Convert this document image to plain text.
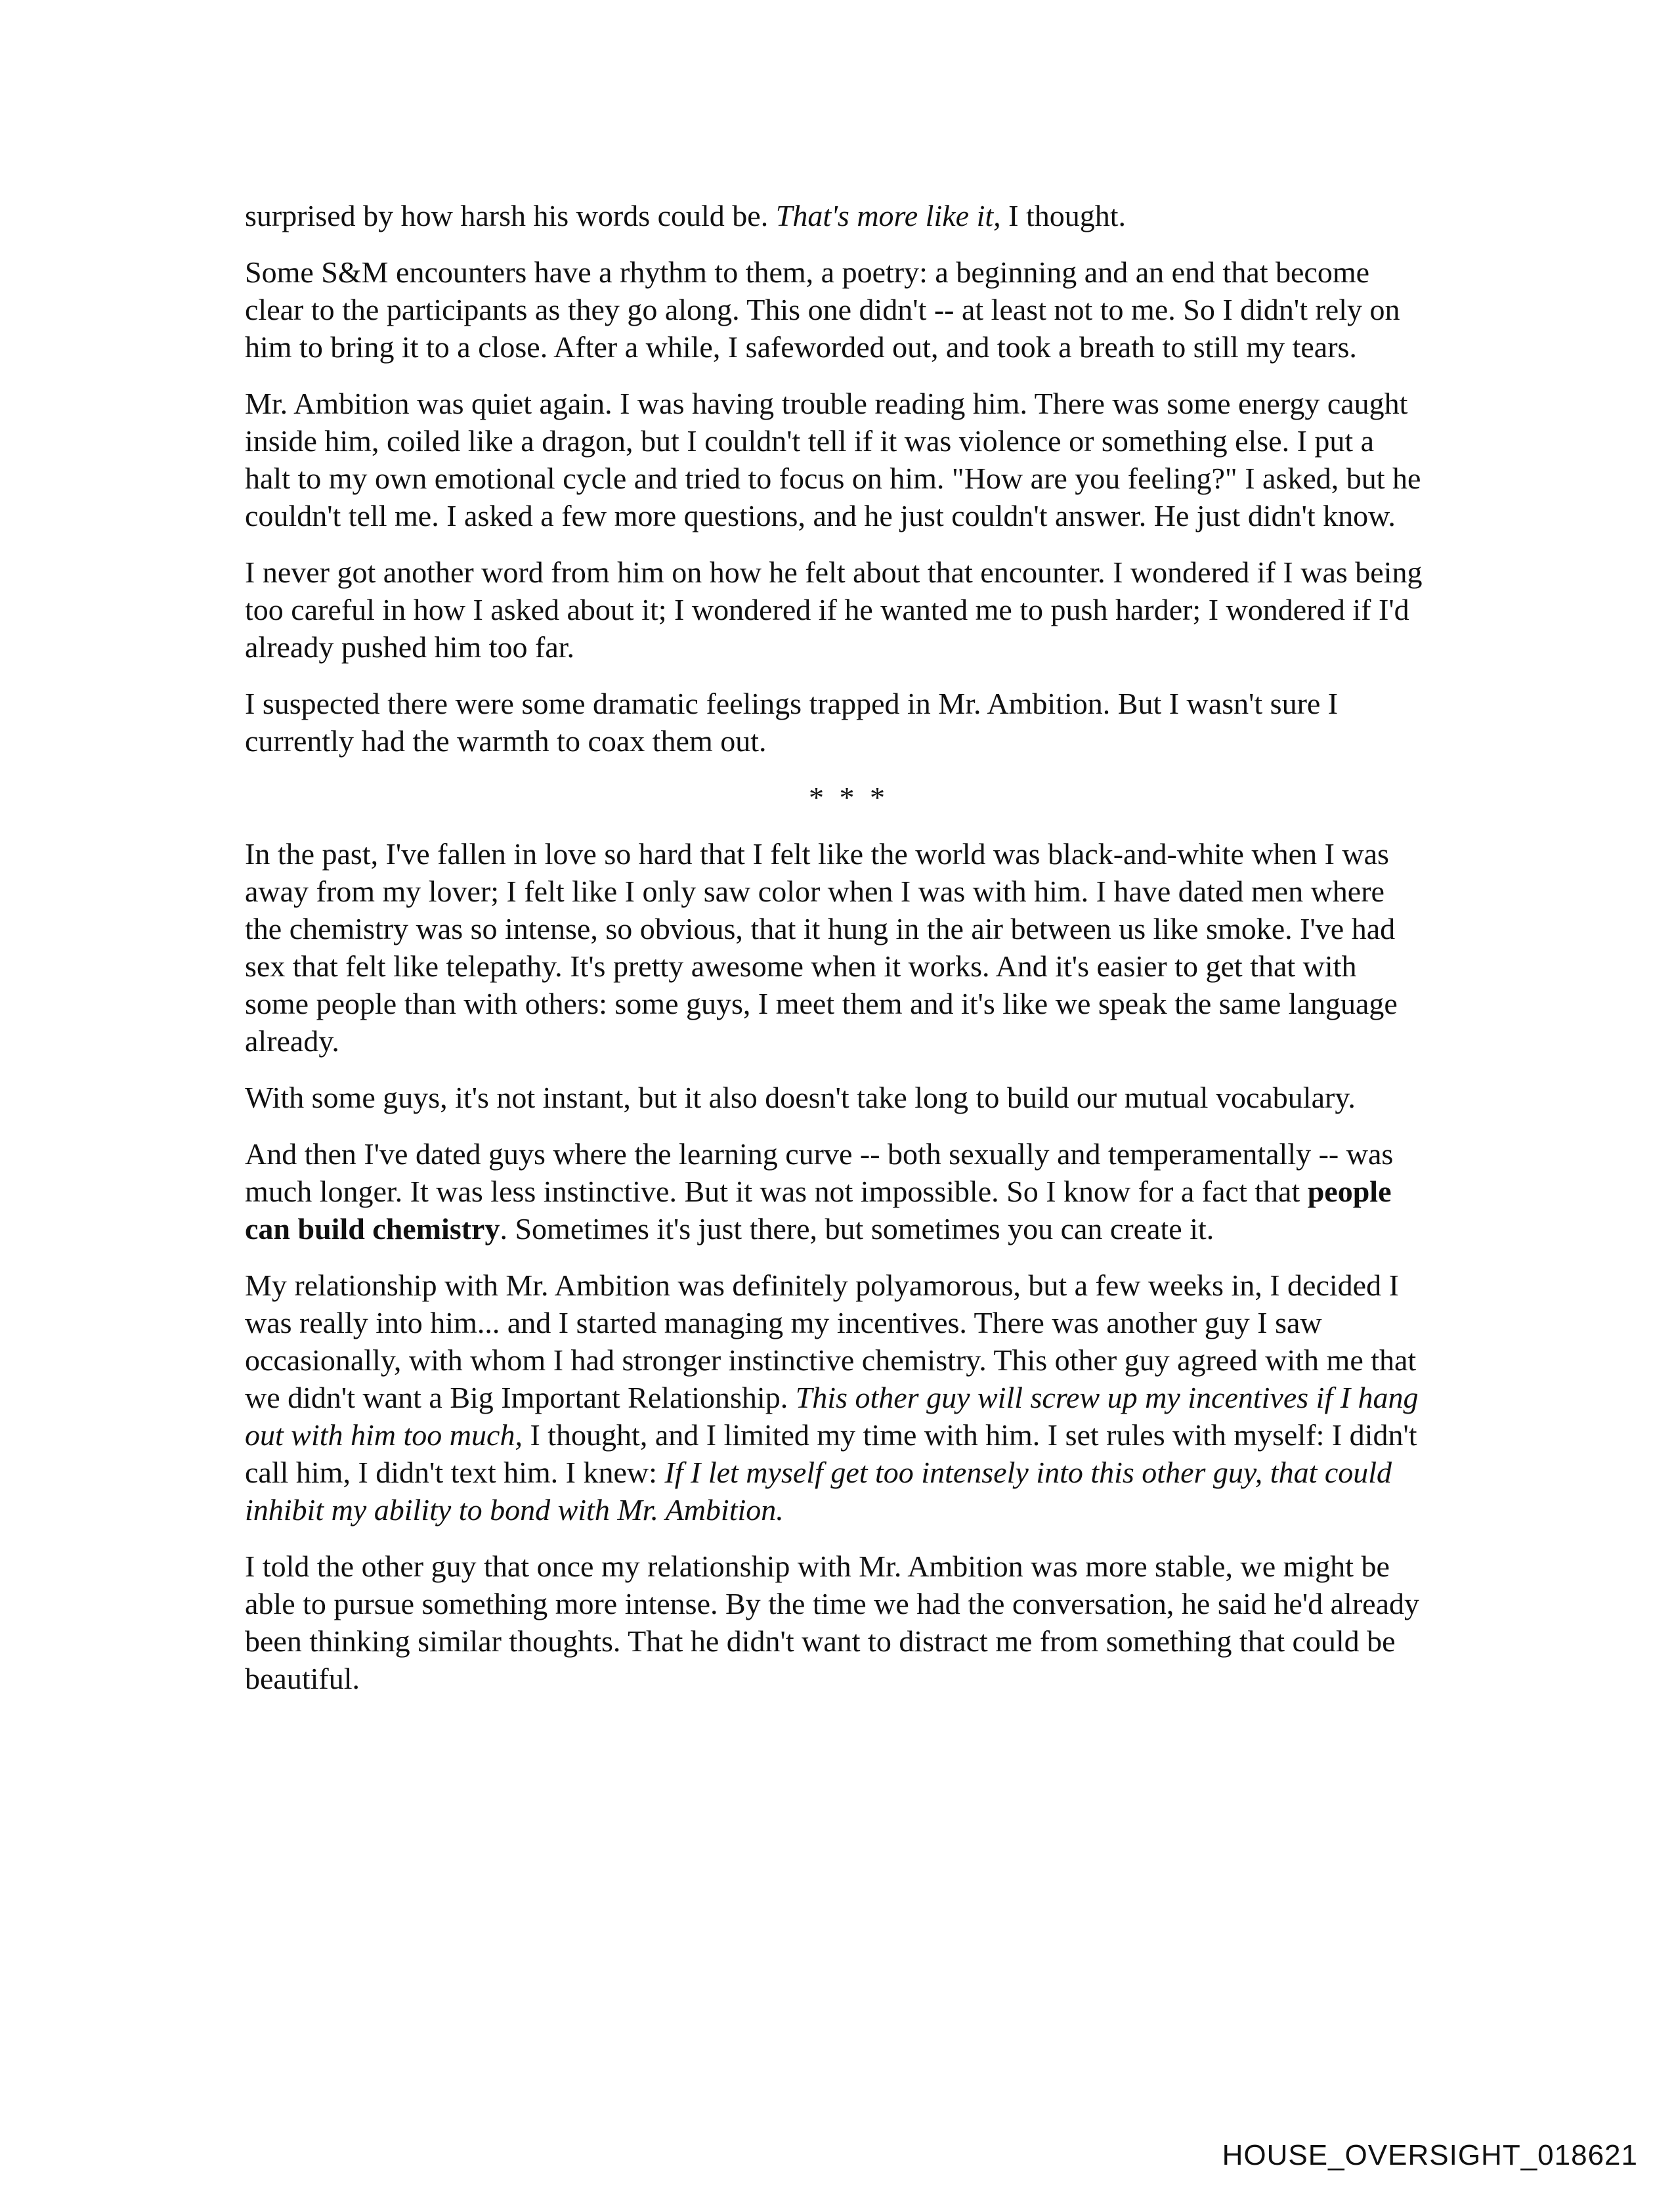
surprised by how harsh his words could be. That's more like it, I thought.

Some S&M encounters have a rhythm to them, a poetry: a beginning and an end that become clear to the participants as they go along. This one didn't -- at least not to me. So I didn't rely on him to bring it to a close. After a while, I safeworded out, and took a breath to still my tears.

Mr. Ambition was quiet again. I was having trouble reading him. There was some energy caught inside him, coiled like a dragon, but I couldn't tell if it was violence or something else. I put a halt to my own emotional cycle and tried to focus on him. "How are you feeling?" I asked, but he couldn't tell me. I asked a few more questions, and he just couldn't answer. He just didn't know.

I never got another word from him on how he felt about that encounter. I wondered if I was being too careful in how I asked about it; I wondered if he wanted me to push harder; I wondered if I'd already pushed him too far.

I suspected there were some dramatic feelings trapped in Mr. Ambition. But I wasn't sure I currently had the warmth to coax them out.

* * *

In the past, I've fallen in love so hard that I felt like the world was black-and-white when I was away from my lover; I felt like I only saw color when I was with him. I have dated men where the chemistry was so intense, so obvious, that it hung in the air between us like smoke. I've had sex that felt like telepathy. It's pretty awesome when it works. And it's easier to get that with some people than with others: some guys, I meet them and it's like we speak the same language already.

With some guys, it's not instant, but it also doesn't take long to build our mutual vocabulary.

And then I've dated guys where the learning curve -- both sexually and temperamentally -- was much longer. It was less instinctive. But it was not impossible. So I know for a fact that people can build chemistry. Sometimes it's just there, but sometimes you can create it.

My relationship with Mr. Ambition was definitely polyamorous, but a few weeks in, I decided I was really into him... and I started managing my incentives. There was another guy I saw occasionally, with whom I had stronger instinctive chemistry. This other guy agreed with me that we didn't want a Big Important Relationship. This other guy will screw up my incentives if I hang out with him too much, I thought, and I limited my time with him. I set rules with myself: I didn't call him, I didn't text him. I knew: If I let myself get too intensely into this other guy, that could inhibit my ability to bond with Mr. Ambition.

I told the other guy that once my relationship with Mr. Ambition was more stable, we might be able to pursue something more intense. By the time we had the conversation, he said he'd already been thinking similar thoughts. That he didn't want to distract me from something that could be beautiful.

HOUSE_OVERSIGHT_018621
